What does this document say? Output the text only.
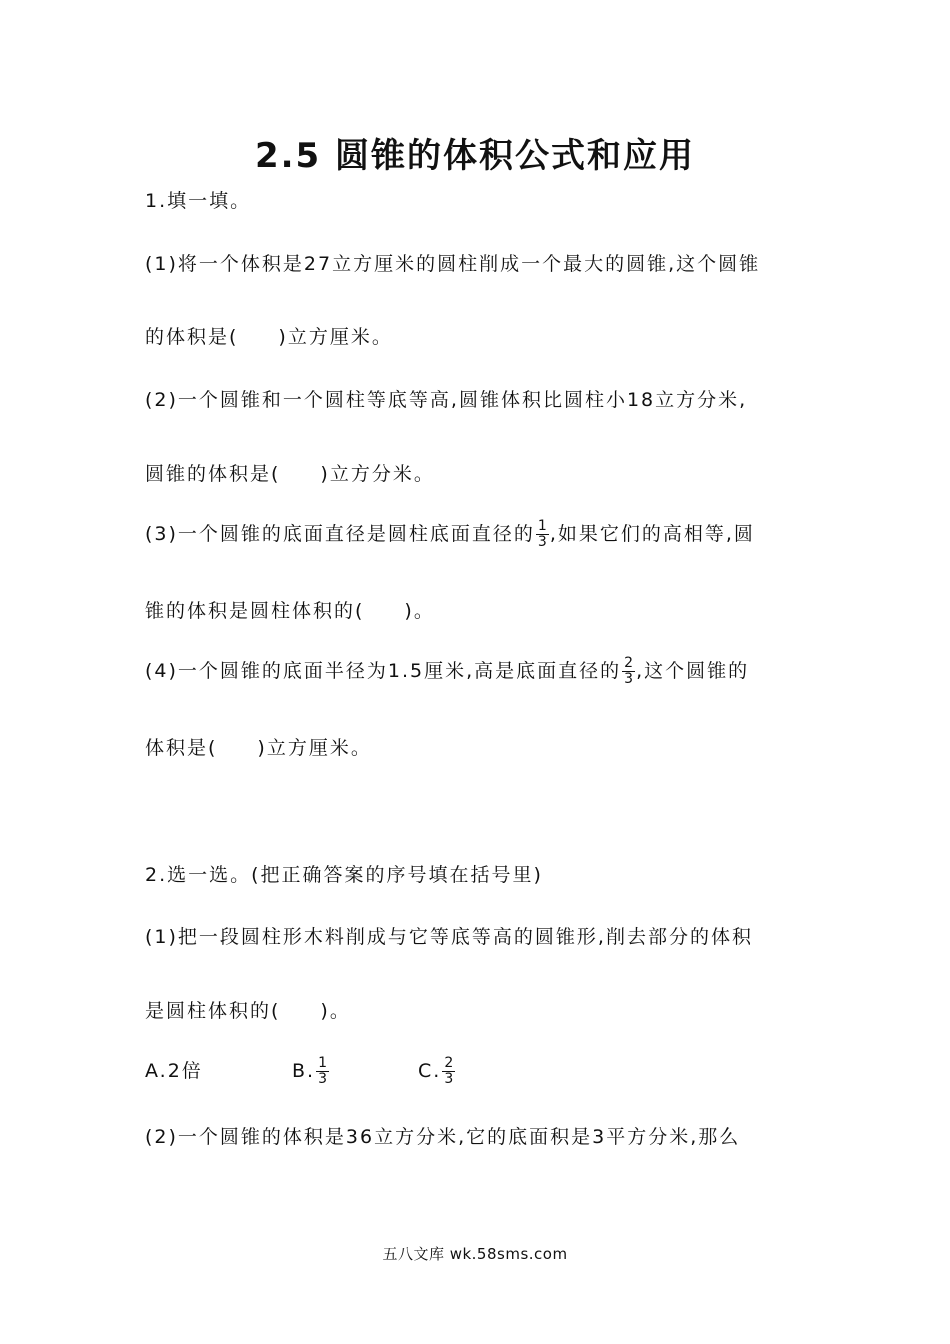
2.5 圆锥的体积公式和应用
1.填一填。
(1)将一个体积是27立方厘米的圆柱削成一个最大的圆锥,这个圆锥
的体积是( )立方厘米。
(2)一个圆锥和一个圆柱等底等高,圆锥体积比圆柱小18立方分米,
圆锥的体积是( )立方分米。
(3)一个圆锥的底面直径是圆柱底面直径的 $\frac{1}{3}$ ,如果它们的高相等,圆
锥的体积是圆柱体积的( )。
(4)一个圆锥的底面半径为1.5厘米,高是底面直径的 $\frac{2}{3}$ ,这个圆锥的
体积是( )立方厘米。
2.选一选。(把正确答案的序号填在括号里)
(1)把一段圆柱形木料削成与它等底等高的圆锥形,削去部分的体积
是圆柱体积的( )。
A.2倍	B. $\frac{1}{3}$	C. $\frac{2}{3}$
(2)一个圆锥的体积是36立方分米,它的底面积是3平方分米,那么
五八文库 wk.58sms.com
